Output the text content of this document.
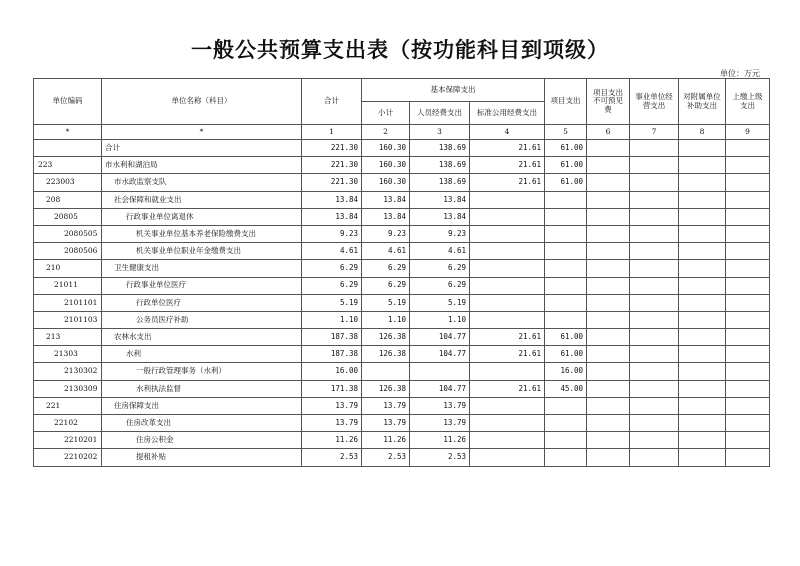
一般公共预算支出表（按功能科目到项级）
单位：万元
单位编码	单位名称（科目）	合计	基本保障支出			项目支出	项目支出不可预见费	事业单位经营支出	对附属单位补助支出	上缴上级支出
			小计	人员经费支出	标准公用经费支出					
*	*	1	2	3	4	5	6	7	8	9
	合计	221.30	160.30	138.69	21.61	61.00				
223	市水利和湖泊局	221.30	160.30	138.69	21.61	61.00				
223003	市水政监察支队	221.30	160.30	138.69	21.61	61.00				
208	社会保障和就业支出	13.84	13.84	13.84						
20805	行政事业单位离退休	13.84	13.84	13.84						
2080505	机关事业单位基本养老保险缴费支出	9.23	9.23	9.23						
2080506	机关事业单位职业年金缴费支出	4.61	4.61	4.61						
210	卫生健康支出	6.29	6.29	6.29						
21011	行政事业单位医疗	6.29	6.29	6.29						
2101101	行政单位医疗	5.19	5.19	5.19						
2101103	公务员医疗补助	1.10	1.10	1.10						
213	农林水支出	187.38	126.38	104.77	21.61	61.00				
21303	水利	187.38	126.38	104.77	21.61	61.00				
2130302	一般行政管理事务（水利）	16.00				16.00				
2130309	水利执法监督	171.38	126.38	104.77	21.61	45.00				
221	住房保障支出	13.79	13.79	13.79						
22102	住房改革支出	13.79	13.79	13.79						
2210201	住房公积金	11.26	11.26	11.26						
2210202	提租补贴	2.53	2.53	2.53						
